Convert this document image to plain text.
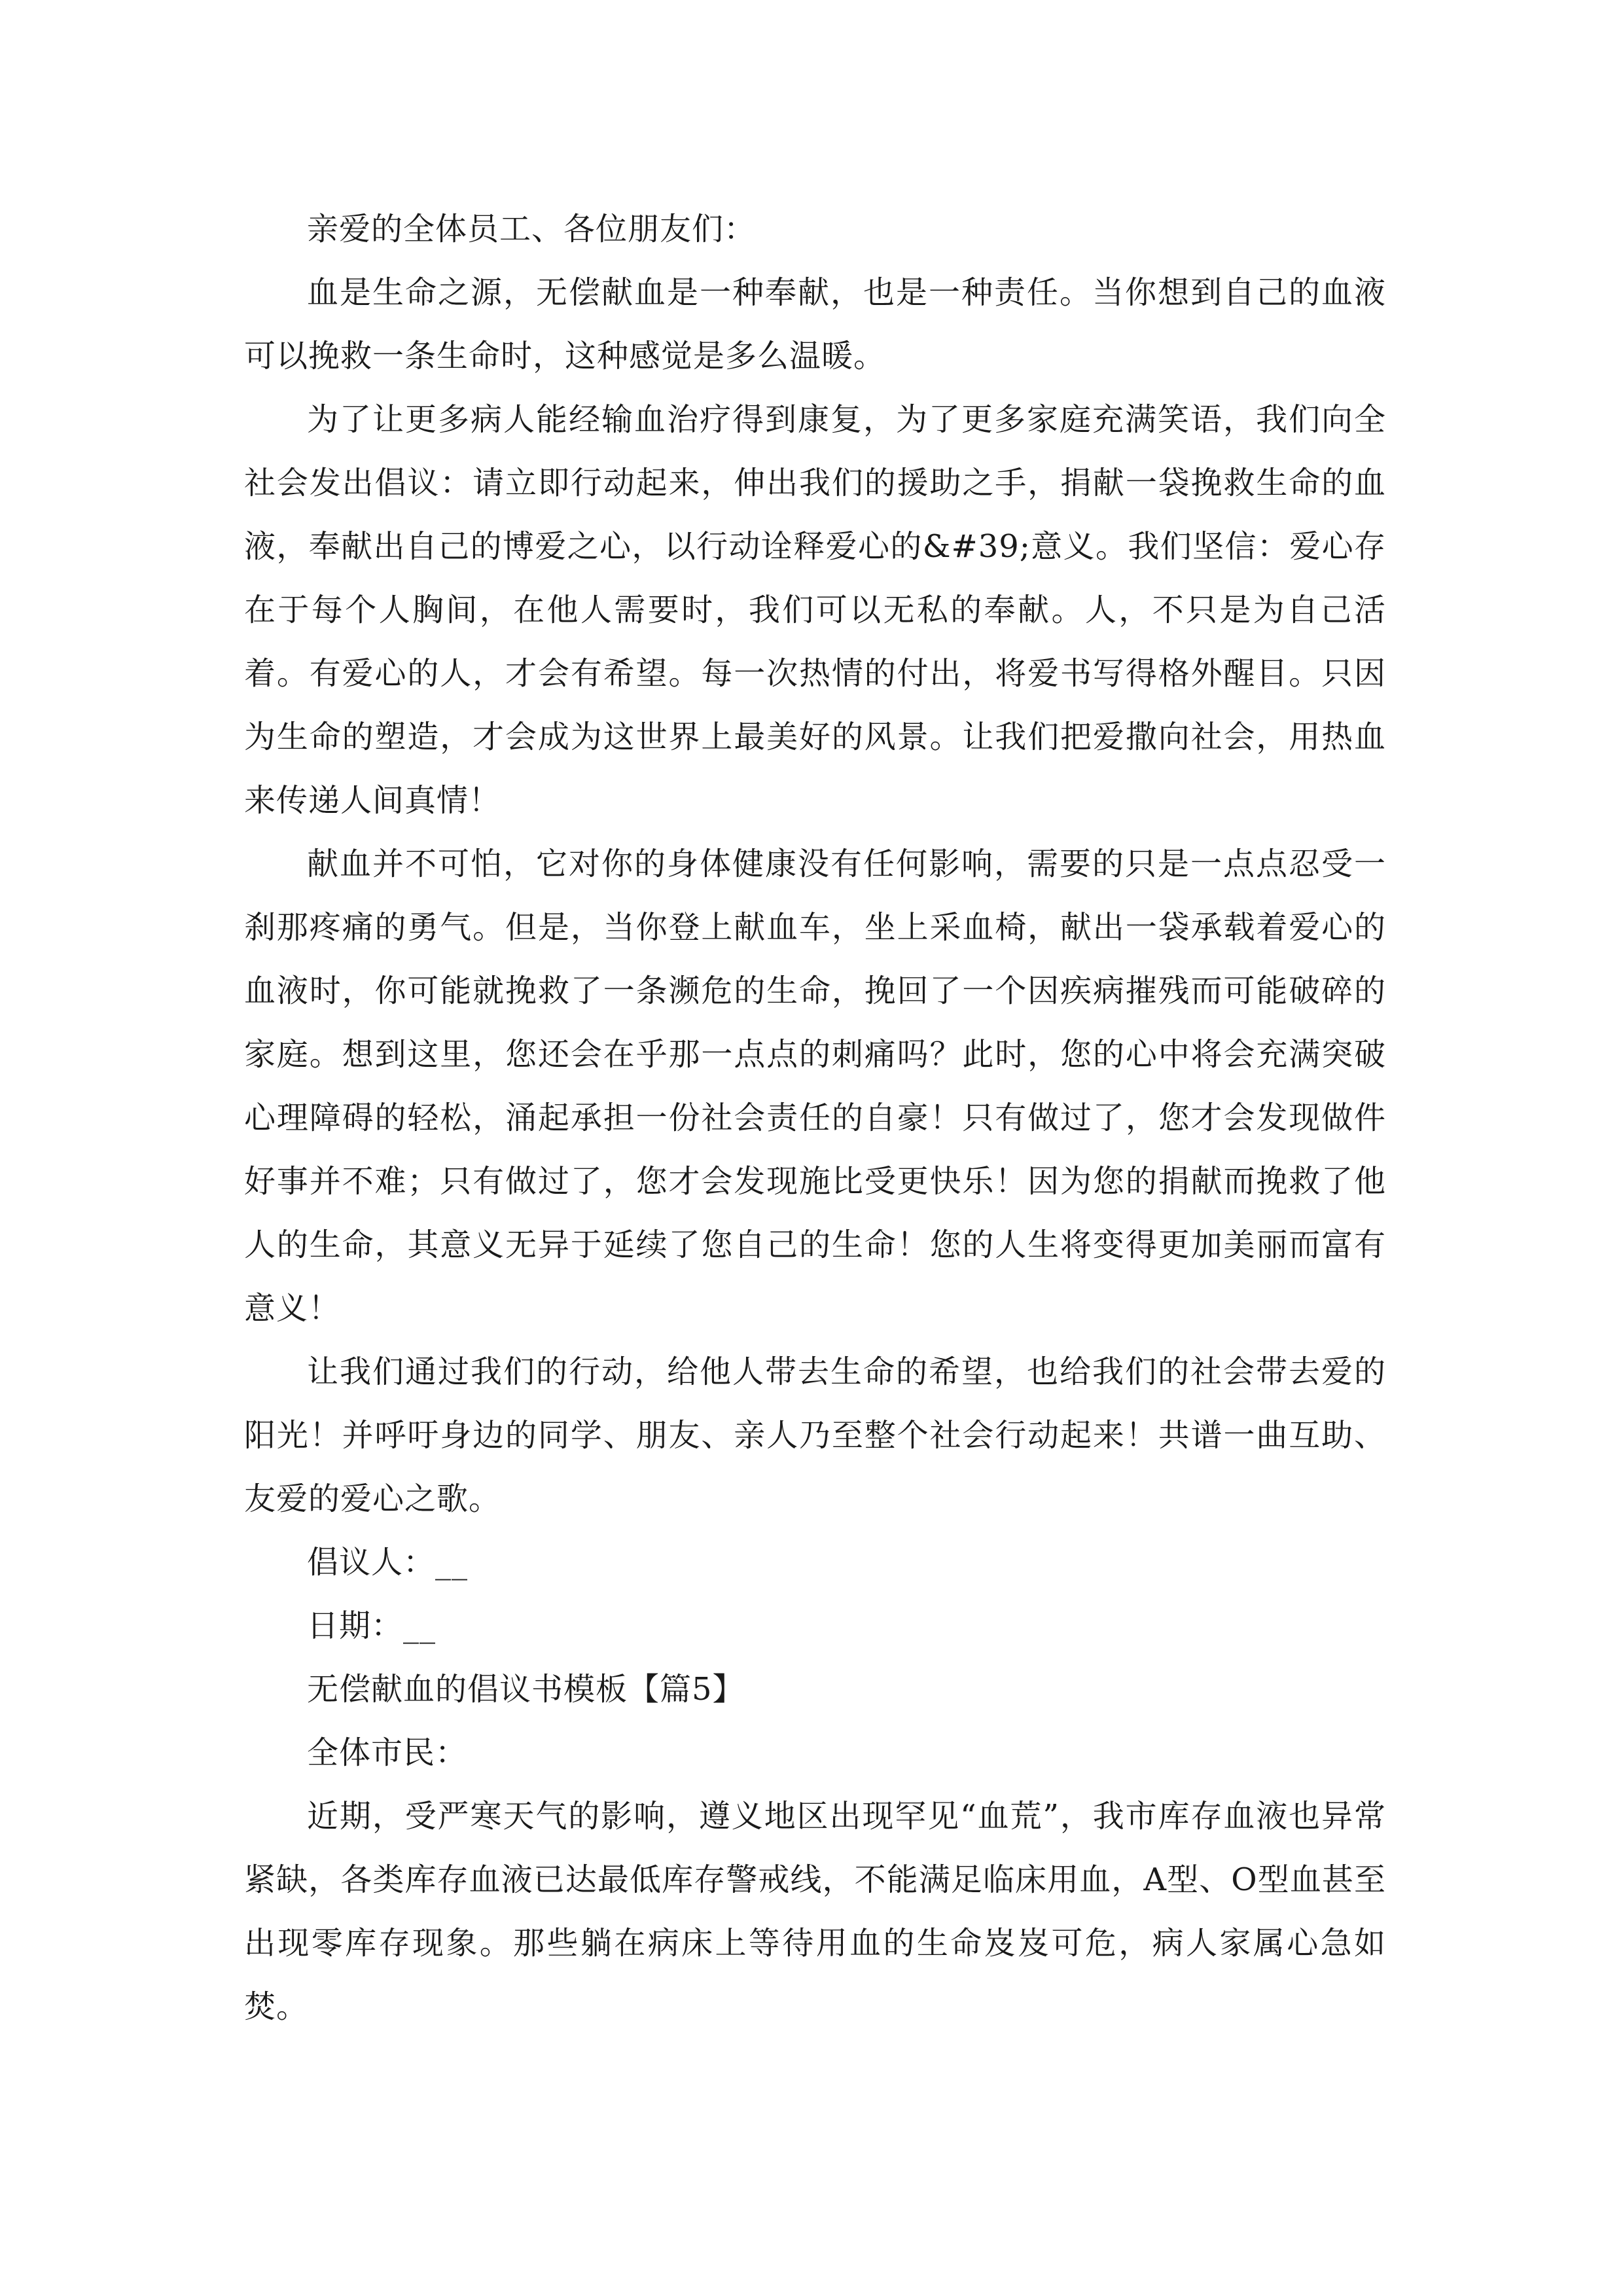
亲爱的全体员工、各位朋友们：

血是生命之源，无偿献血是一种奉献，也是一种责任。当你想到自己的血液可以挽救一条生命时，这种感觉是多么温暖。

为了让更多病人能经输血治疗得到康复，为了更多家庭充满笑语，我们向全社会发出倡议：请立即行动起来，伸出我们的援助之手，捐献一袋挽救生命的血液，奉献出自己的博爱之心，以行动诠释爱心的&#39;意义。我们坚信：爱心存在于每个人胸间，在他人需要时，我们可以无私的奉献。人，不只是为自己活着。有爱心的人，才会有希望。每一次热情的付出，将爱书写得格外醒目。只因为生命的塑造，才会成为这世界上最美好的风景。让我们把爱撒向社会，用热血来传递人间真情！

献血并不可怕，它对你的身体健康没有任何影响，需要的只是一点点忍受一刹那疼痛的勇气。但是，当你登上献血车，坐上采血椅，献出一袋承载着爱心的血液时，你可能就挽救了一条濒危的生命，挽回了一个因疾病摧残而可能破碎的家庭。想到这里，您还会在乎那一点点的刺痛吗？此时，您的心中将会充满突破心理障碍的轻松，涌起承担一份社会责任的自豪！只有做过了，您才会发现做件好事并不难；只有做过了，您才会发现施比受更快乐！因为您的捐献而挽救了他人的生命，其意义无异于延续了您自己的生命！您的人生将变得更加美丽而富有意义！

让我们通过我们的行动，给他人带去生命的希望，也给我们的社会带去爱的阳光！并呼吁身边的同学、朋友、亲人乃至整个社会行动起来！共谱一曲互助、友爱的爱心之歌。

倡议人：__

日期：__

无偿献血的倡议书模板【篇5】

全体市民：

近期，受严寒天气的影响，遵义地区出现罕见“血荒”，我市库存血液也异常紧缺，各类库存血液已达最低库存警戒线，不能满足临床用血，A型、O型血甚至出现零库存现象。那些躺在病床上等待用血的生命岌岌可危，病人家属心急如焚。
